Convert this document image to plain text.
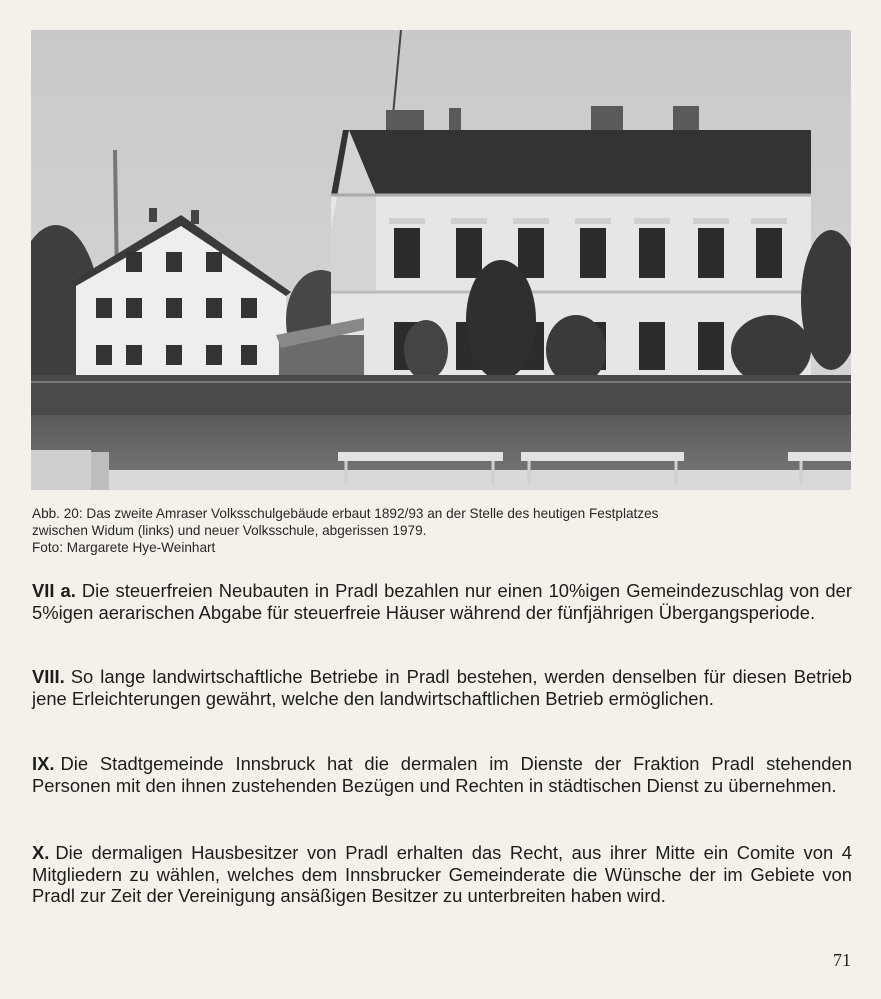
Abb. 20: Das zweite Amraser Volksschulgebäude erbaut 1892/93 an der Stelle des heutigen Festplatzes
zwischen Widum (links) und neuer Volksschule, abgerissen 1979.
Foto: Margarete Hye-Weinhart
VII a. Die steuerfreien Neubauten in Pradl bezahlen nur einen 10%igen Gemeindezuschlag von der 5%igen aerarischen Abgabe für steuerfreie Häuser während der fünfjährigen Übergangsperiode.
VIII. So lange landwirtschaftliche Betriebe in Pradl bestehen, werden denselben für diesen Betrieb jene Erleichterungen gewährt, welche den landwirtschaftlichen Betrieb ermöglichen.
IX. Die Stadtgemeinde Innsbruck hat die dermalen im Dienste der Fraktion Pradl stehenden Personen mit den ihnen zustehenden Bezügen und Rechten in städtischen Dienst zu übernehmen.
X. Die dermaligen Hausbesitzer von Pradl erhalten das Recht, aus ihrer Mitte ein Comite von 4 Mitgliedern zu wählen, welches dem Innsbrucker Gemeinderate die Wünsche der im Gebiete von Pradl zur Zeit der Vereinigung ansäßigen Besitzer zu unterbreiten haben wird.
71
